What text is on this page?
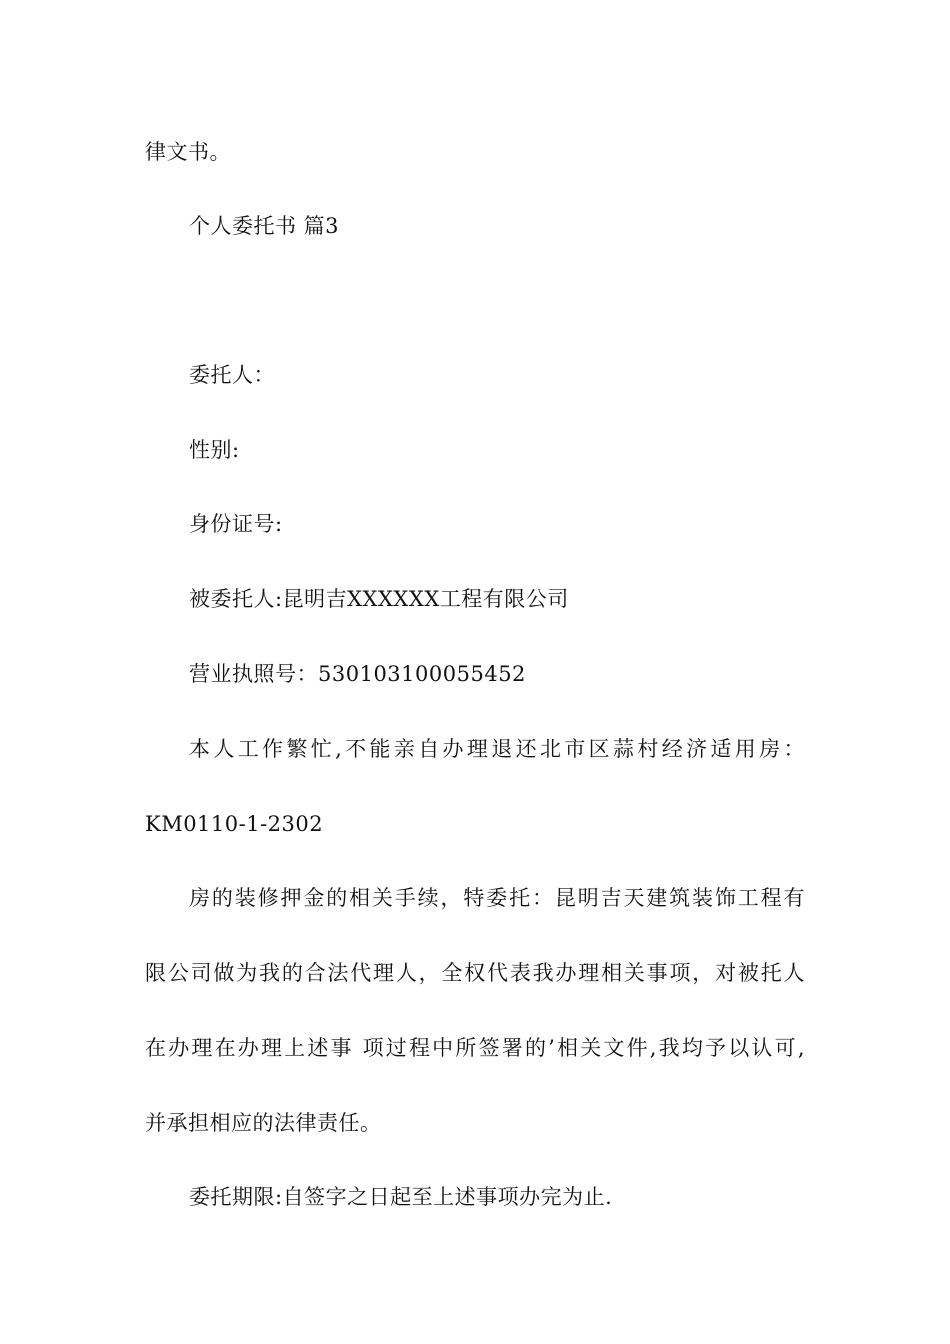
律文书。
个人委托书 篇3
委托人：
性别:
身份证号:
被委托人:昆明吉XXXXXX工程有限公司
营业执照号：530103100055452
本人工作繁忙,不能亲自办理退还北市区蒜村经济适用房：
KM0110-1-2302
房的装修押金的相关手续，特委托：昆明吉天建筑装饰工程有
限公司做为我的合法代理人，全权代表我办理相关事项，对被托人
在办理在办理上述事 项过程中所签署的’相关文件,我均予以认可,
并承担相应的法律责任。
委托期限:自签字之日起至上述事项办完为止.
